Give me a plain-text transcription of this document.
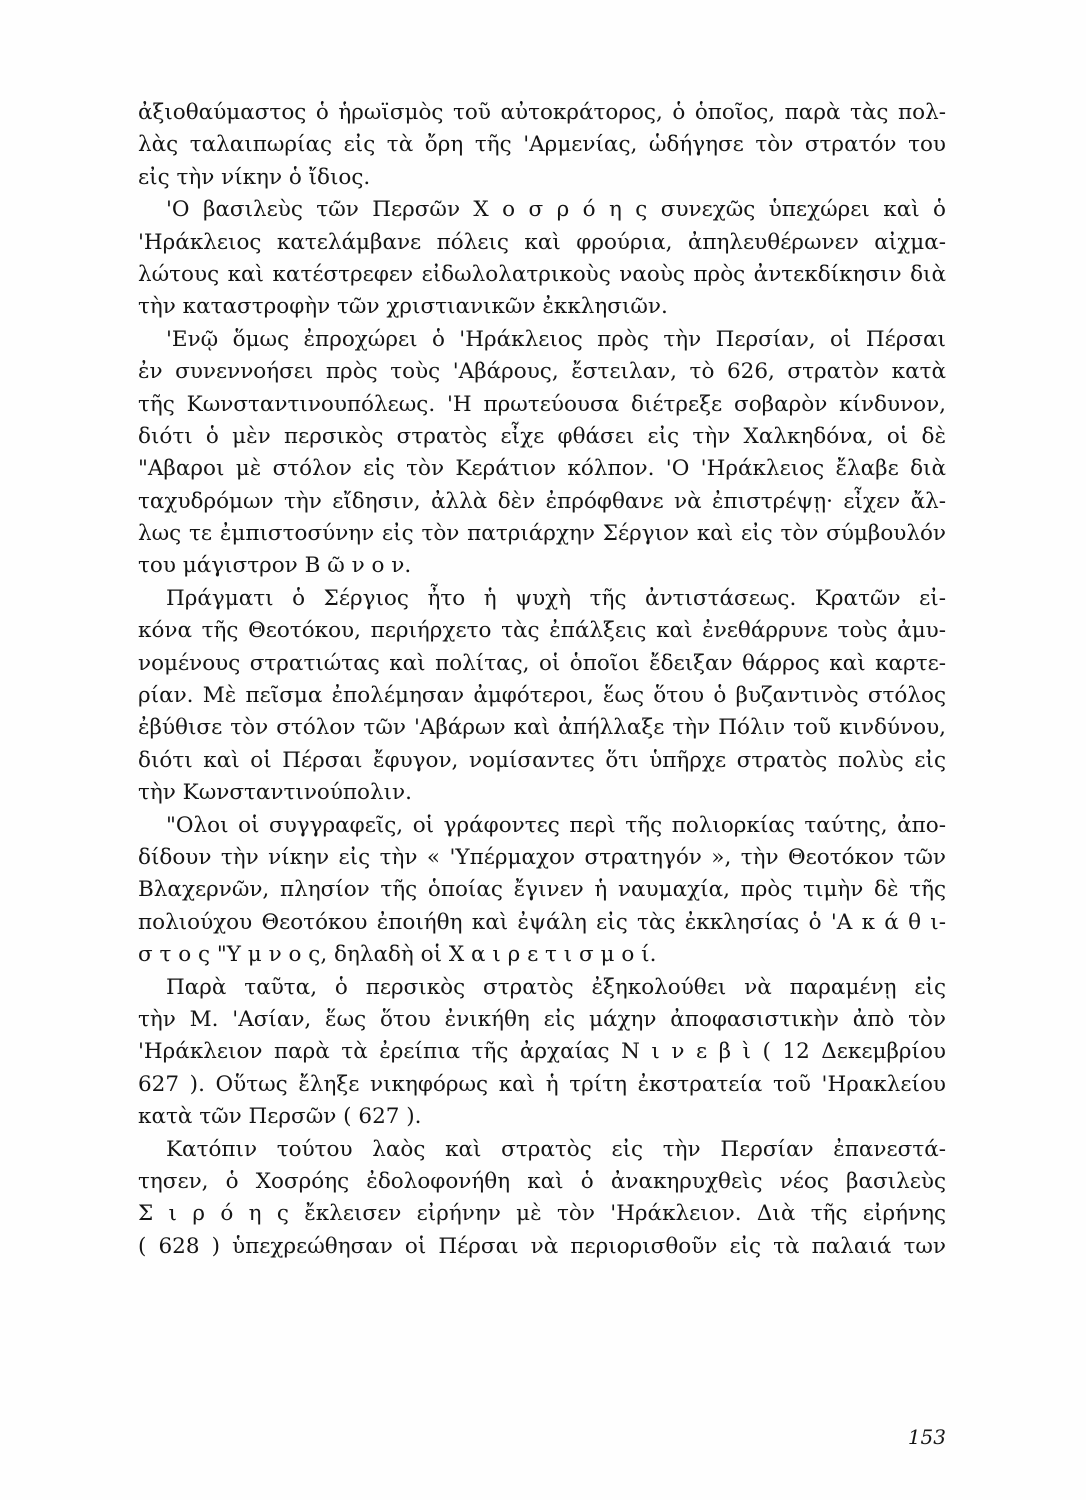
ἀξιοθαύμαστος ὁ ἡρωϊσμὸς τοῦ αὐτοκράτορος, ὁ ὁποῖος, παρὰ τὰς πολ-
λὰς ταλαιπωρίας εἰς τὰ ὄρη τῆς 'Αρμενίας, ὡδήγησε τὸν στρατόν του
εἰς τὴν νίκην ὁ ἴδιος.
'Ο βασιλεὺς τῶν Περσῶν Χ ο σ ρ ό η ς συνεχῶς ὑπεχώρει καὶ ὁ
'Ηράκλειος κατελάμβανε πόλεις καὶ φρούρια, ἀπηλευθέρωνεν αἰχμα-
λώτους καὶ κατέστρεφεν εἰδωλολατρικοὺς ναοὺς πρὸς ἀντεκδίκησιν διὰ
τὴν καταστροφὴν τῶν χριστιανικῶν ἐκκλησιῶν.
'Ενῷ ὅμως ἐπροχώρει ὁ 'Ηράκλειος πρὸς τὴν Περσίαν, οἱ Πέρσαι
ἐν συνεννοήσει πρὸς τοὺς 'Αβάρους, ἔστειλαν, τὸ 626, στρατὸν κατὰ
τῆς Κωνσταντινουπόλεως. 'Η πρωτεύουσα διέτρεξε σοβαρὸν κίνδυνον,
διότι ὁ μὲν περσικὸς στρατὸς εἶχε φθάσει εἰς τὴν Χαλκηδόνα, οἱ δὲ
"Αβαροι μὲ στόλον εἰς τὸν Κεράτιον κόλπον. 'Ο 'Ηράκλειος ἔλαβε διὰ
ταχυδρόμων τὴν εἴδησιν, ἀλλὰ δὲν ἐπρόφθανε νὰ ἐπιστρέψῃ· εἶχεν ἄλ-
λως τε ἐμπιστοσύνην εἰς τὸν πατριάρχην Σέργιον καὶ εἰς τὸν σύμβουλόν
του μάγιστρον Β ῶ ν ο ν.
Πράγματι ὁ Σέργιος ἦτο ἡ ψυχὴ τῆς ἀντιστάσεως. Κρατῶν εἰ-
κόνα τῆς Θεοτόκου, περιήρχετο τὰς ἐπάλξεις καὶ ἐνεθάρρυνε τοὺς ἀμυ-
νομένους στρατιώτας καὶ πολίτας, οἱ ὁποῖοι ἔδειξαν θάρρος καὶ καρτε-
ρίαν. Μὲ πεῖσμα ἐπολέμησαν ἀμφότεροι, ἕως ὅτου ὁ βυζαντινὸς στόλος
ἐβύθισε τὸν στόλον τῶν 'Αβάρων καὶ ἀπήλλαξε τὴν Πόλιν τοῦ κινδύνου,
διότι καὶ οἱ Πέρσαι ἔφυγον, νομίσαντες ὅτι ὑπῆρχε στρατὸς πολὺς εἰς
τὴν Κωνσταντινούπολιν.
"Ολοι οἱ συγγραφεῖς, οἱ γράφοντες περὶ τῆς πολιορκίας ταύτης, ἀπο-
δίδουν τὴν νίκην εἰς τὴν « 'Υπέρμαχον στρατηγόν », τὴν Θεοτόκον τῶν
Βλαχερνῶν, πλησίον τῆς ὁποίας ἔγινεν ἡ ναυμαχία, πρὸς τιμὴν δὲ τῆς
πολιούχου Θεοτόκου ἐποιήθη καὶ ἐψάλη εἰς τὰς ἐκκλησίας ὁ 'Α κ ά θ ι-
σ τ ο ς "Υ μ ν ο ς, δηλαδὴ οἱ Χ α ι ρ ε τ ι σ μ ο ί.
Παρὰ ταῦτα, ὁ περσικὸς στρατὸς ἐξηκολούθει νὰ παραμένῃ εἰς
τὴν Μ. 'Ασίαν, ἕως ὅτου ἐνικήθη εἰς μάχην ἀποφασιστικὴν ἀπὸ τὸν
'Ηράκλειον παρὰ τὰ ἐρείπια τῆς ἀρχαίας Ν ι ν ε β ὶ ( 12 Δεκεμβρίου
627 ). Οὕτως ἔληξε νικηφόρως καὶ ἡ τρίτη ἐκστρατεία τοῦ 'Ηρακλείου
κατὰ τῶν Περσῶν ( 627 ).
Κατόπιν τούτου λαὸς καὶ στρατὸς εἰς τὴν Περσίαν ἐπανεστά-
τησεν, ὁ Χοσρόης ἐδολοφονήθη καὶ ὁ ἀνακηρυχθεὶς νέος βασιλεὺς
Σ ι ρ ό η ς ἔκλεισεν εἰρήνην μὲ τὸν 'Ηράκλειον. Διὰ τῆς εἰρήνης
( 628 ) ὑπεχρεώθησαν οἱ Πέρσαι νὰ περιορισθοῦν εἰς τὰ παλαιά των
153
